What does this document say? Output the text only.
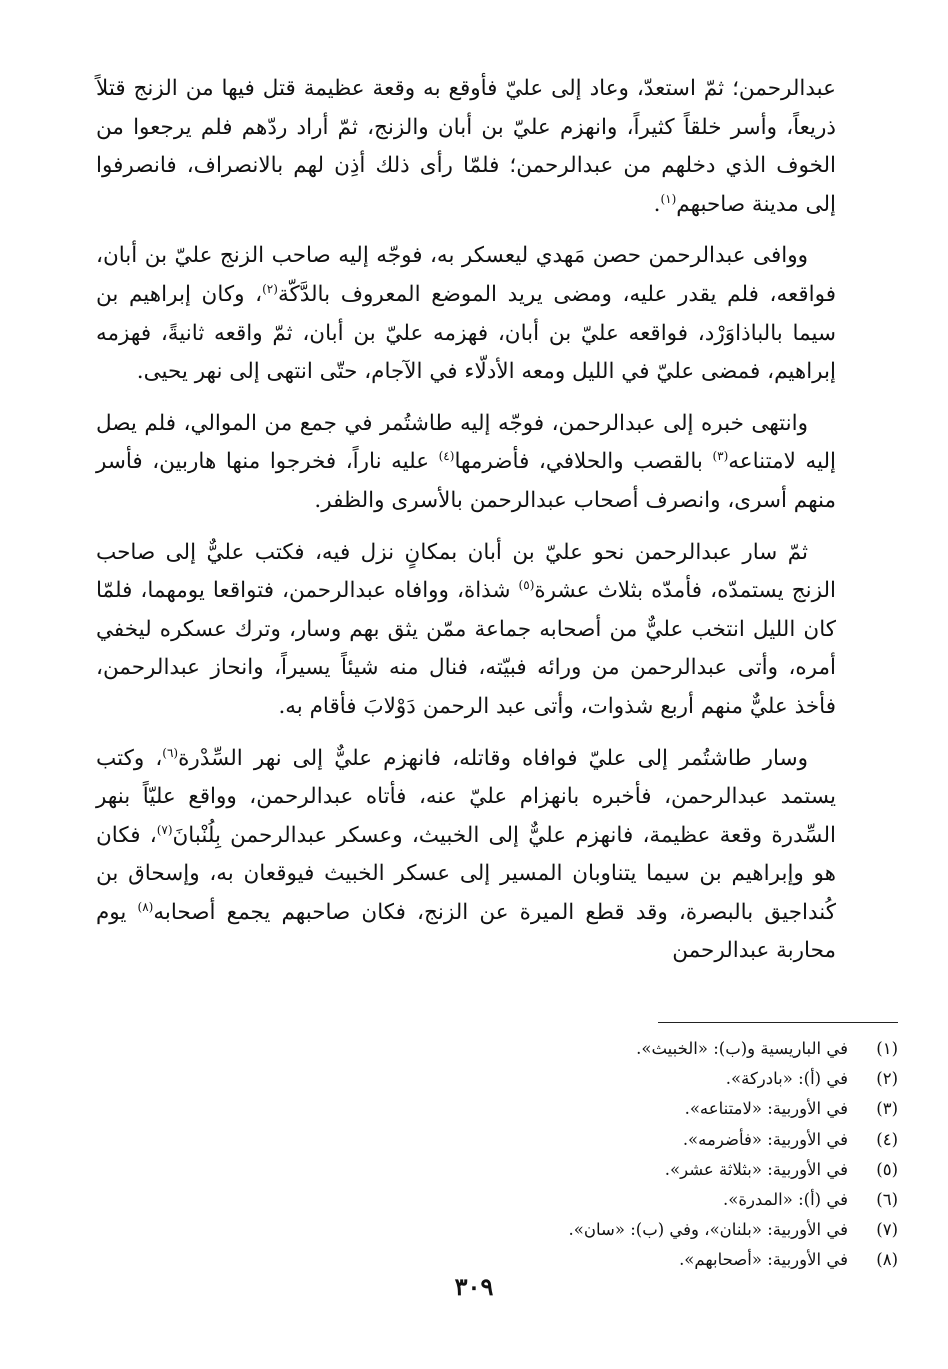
عبدالرحمن؛ ثمّ استعدّ، وعاد إلى عليّ فأوقع به وقعة عظيمة قتل فيها من الزنج قتلاً ذريعاً، وأسر خلقاً كثيراً، وانهزم عليّ بن أبان والزنج، ثمّ أراد ردّهم فلم يرجعوا من الخوف الذي دخلهم من عبدالرحمن؛ فلمّا رأى ذلك أذِن لهم بالانصراف، فانصرفوا إلى مدينة صاحبهم$^{(١)}$.

ووافى عبدالرحمن حصن مَهدي ليعسكر به، فوجّه إليه صاحب الزنج عليّ بن أبان، فواقعه، فلم يقدر عليه، ومضى يريد الموضع المعروف بالدَّكّة$^{(٢)}$، وكان إبراهيم بن سيما بالباذاوَرْد، فواقعه عليّ بن أبان، فهزمه عليّ بن أبان، ثمّ واقعه ثانيةً، فهزمه إبراهيم، فمضى عليّ في الليل ومعه الأدلّاء في الآجام، حتّى انتهى إلى نهر يحيى.

وانتهى خبره إلى عبدالرحمن، فوجّه إليه طاشتُمر في جمع من الموالي، فلم يصل إليه لامتناعه$^{(٣)}$ بالقصب والحلافي، فأضرمها$^{(٤)}$ عليه ناراً، فخرجوا منها هاربين، فأسر منهم أسرى، وانصرف أصحاب عبدالرحمن بالأسرى والظفر.

ثمّ سار عبدالرحمن نحو عليّ بن أبان بمكانٍ نزل فيه، فكتب عليٌّ إلى صاحب الزنج يستمدّه، فأمدّه بثلاث عشرة$^{(٥)}$ شذاة، ووافاه عبدالرحمن، فتواقعا يومهما، فلمّا كان الليل انتخب عليٌّ من أصحابه جماعة ممّن يثق بهم وسار، وترك عسكره ليخفي أمره، وأتى عبدالرحمن من ورائه فبيّته، فنال منه شيئاً يسيراً، وانحاز عبدالرحمن، فأخذ عليٌّ منهم أربع شذوات، وأتى عبد الرحمن دَوْلابَ فأقام به.

وسار طاشتُمر إلى عليّ فوافاه وقاتله، فانهزم عليٌّ إلى نهر السِّدْرة$^{(٦)}$، وكتب يستمد عبدالرحمن، فأخبره بانهزام عليّ عنه، فأتاه عبدالرحمن، وواقع عليّاً بنهر السِّدرة وقعة عظيمة، فانهزم عليٌّ إلى الخبيث، وعسكر عبدالرحمن بِلُنْبانَ$^{(٧)}$، فكان هو وإبراهيم بن سيما يتناوبان المسير إلى عسكر الخبيث فيوقعان به، وإسحاق بن كُنداجيق بالبصرة، وقد قطع الميرة عن الزنج، فكان صاحبهم يجمع أصحابه$^{(٨)}$ يوم محاربة عبدالرحمن

(١)
في الباريسية و(ب): «الخبيث».
(٢)
في (أ): «بادركة».
(٣)
في الأوربية: «لامتناعه».
(٤)
في الأوربية: «فأضرمه».
(٥)
في الأوربية: «بثلاثة عشر».
(٦)
في (أ): «المدرة».
(٧)
في الأوربية: «بلنان»، وفي (ب): «سان».
(٨)
في الأوربية: «أصحابهم».
٣٠٩
